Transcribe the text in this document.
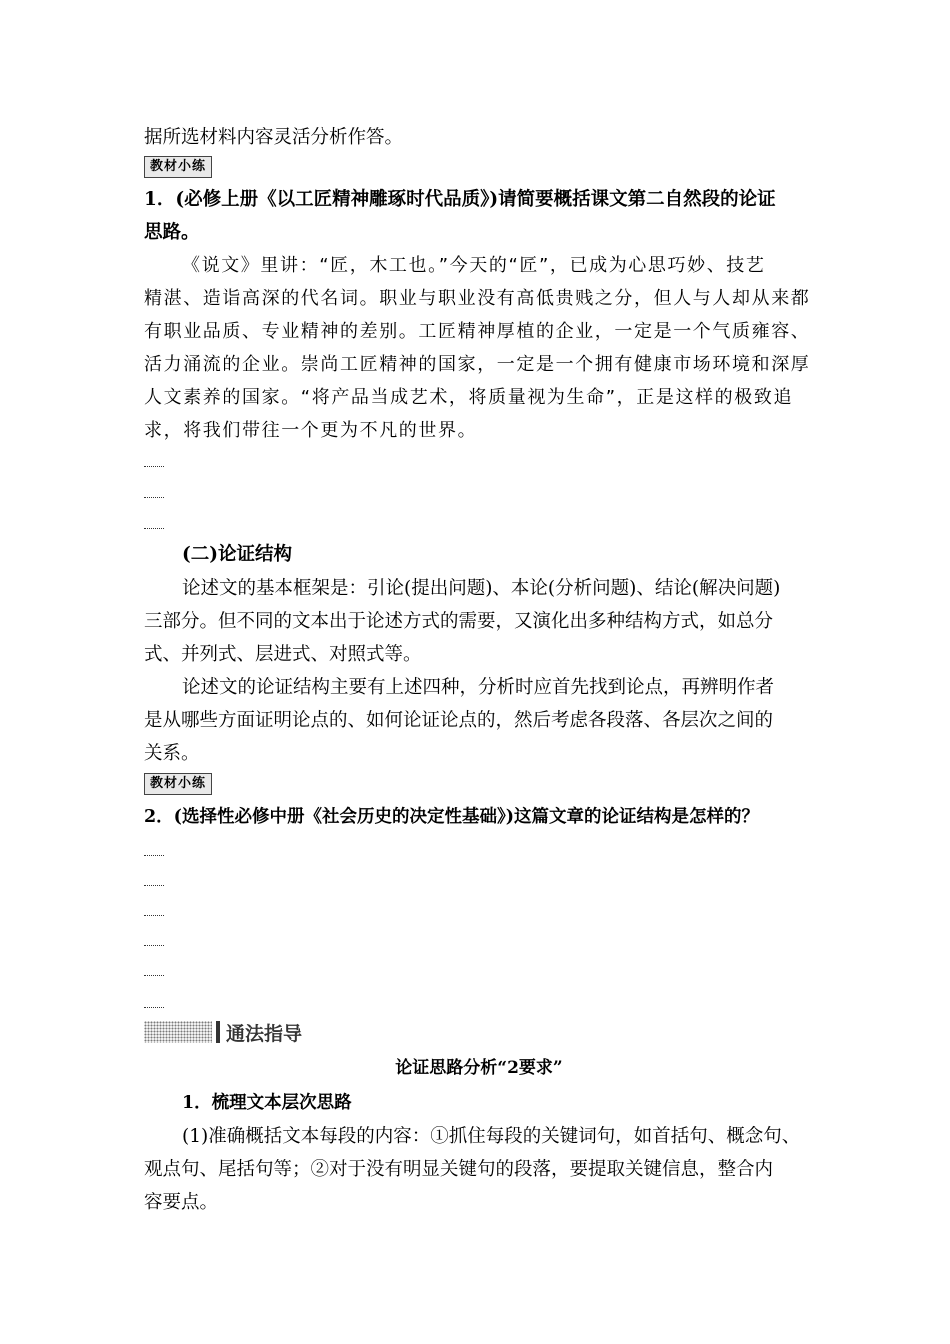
据所选材料内容灵活分析作答。
教材小练
1．(必修上册《以工匠精神雕琢时代品质》)请简要概括课文第二自然段的论证
思路。
《说文》里讲：“匠，木工也。”今天的“匠”，已成为心思巧妙、技艺
精湛、造诣高深的代名词。职业与职业没有高低贵贱之分，但人与人却从来都
有职业品质、专业精神的差别。工匠精神厚植的企业，一定是一个气质雍容、
活力涌流的企业。崇尚工匠精神的国家，一定是一个拥有健康市场环境和深厚
人文素养的国家。“将产品当成艺术，将质量视为生命”，正是这样的极致追
求，将我们带往一个更为不凡的世界。
(二)论证结构
论述文的基本框架是：引论(提出问题)、本论(分析问题)、结论(解决问题)
三部分。但不同的文本出于论述方式的需要，又演化出多种结构方式，如总分
式、并列式、层进式、对照式等。
论述文的论证结构主要有上述四种，分析时应首先找到论点，再辨明作者
是从哪些方面证明论点的、如何论证论点的，然后考虑各段落、各层次之间的
关系。
教材小练
2．(选择性必修中册《社会历史的决定性基础》)这篇文章的论证结构是怎样的？
通法指导
论证思路分析“2要求”
1．梳理文本层次思路
(1)准确概括文本每段的内容：①抓住每段的关键词句，如首括句、概念句、
观点句、尾括句等；②对于没有明显关键句的段落，要提取关键信息，整合内
容要点。
